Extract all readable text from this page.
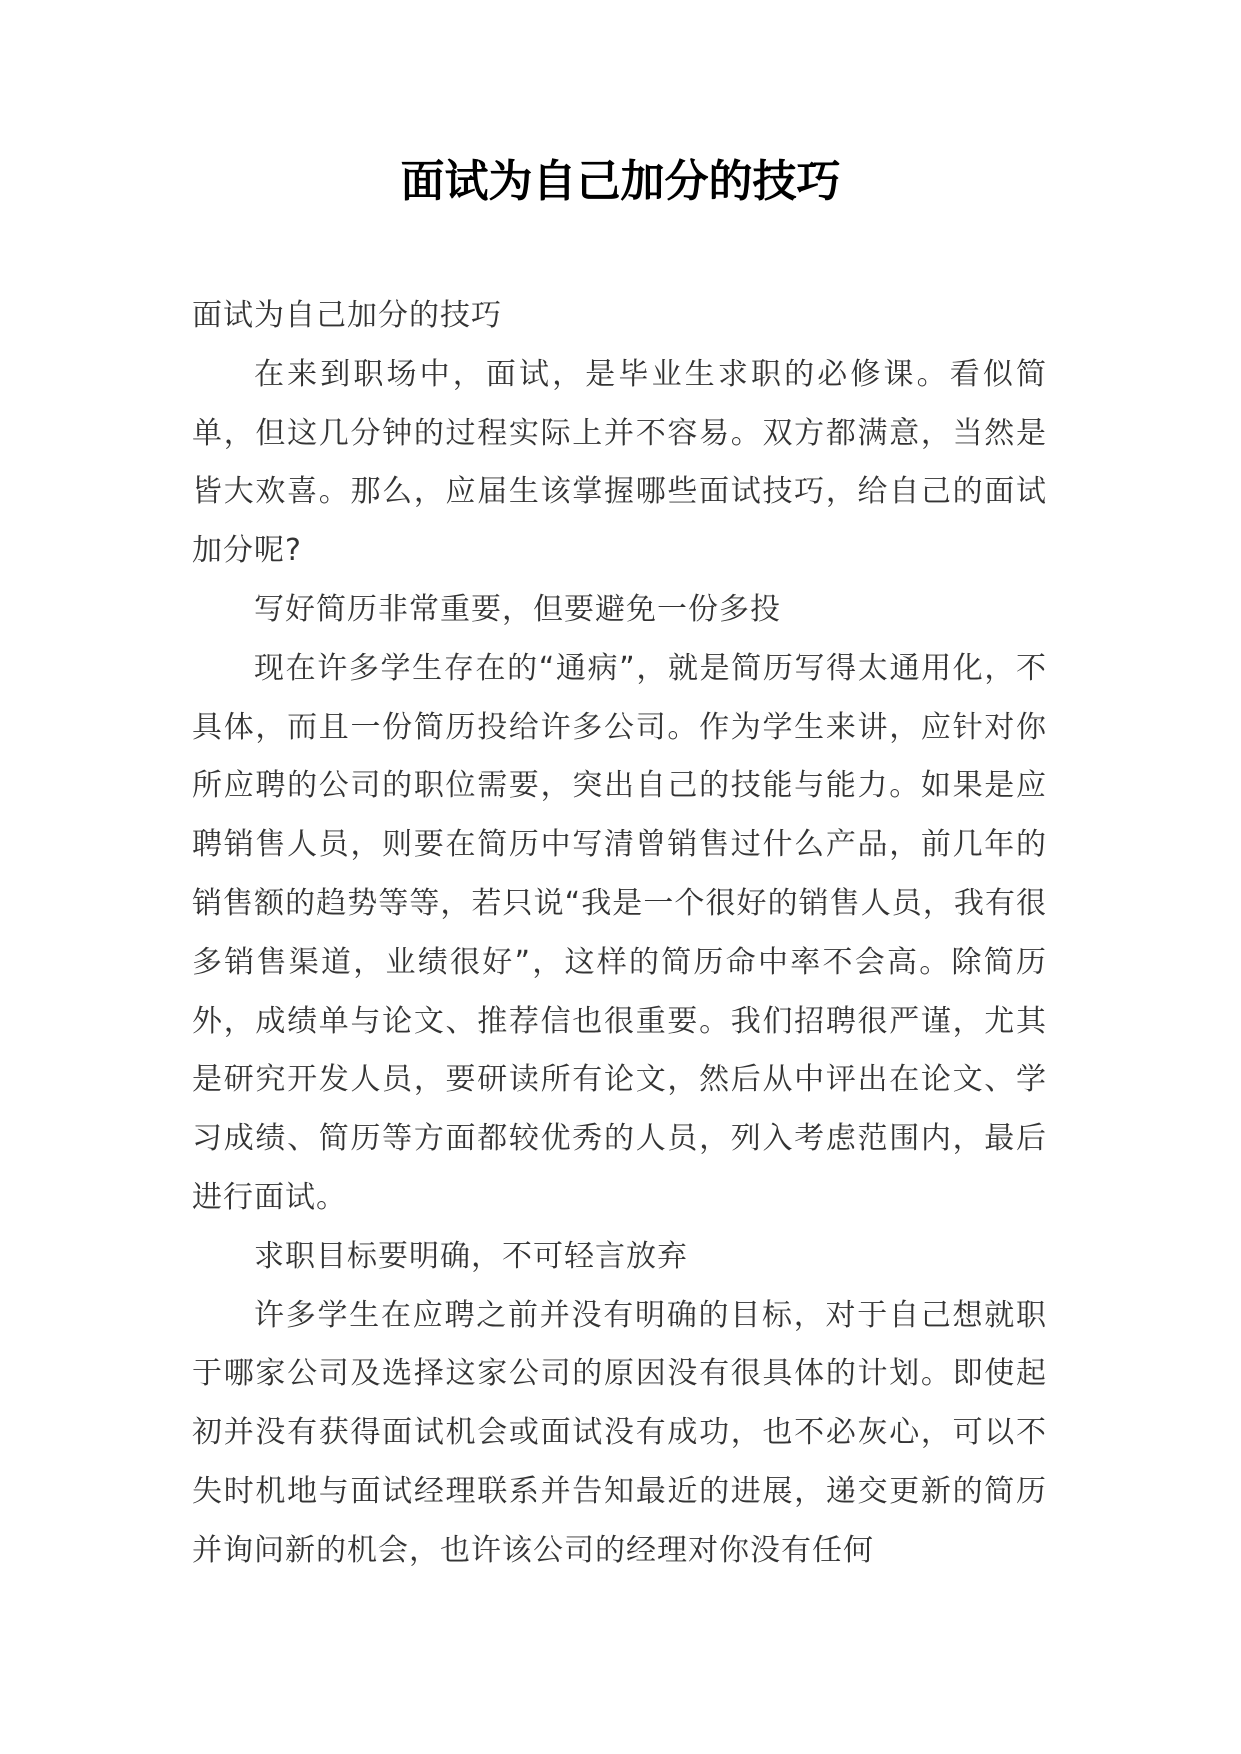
面试为自己加分的技巧

面试为自己加分的技巧

在来到职场中，面试，是毕业生求职的必修课。看似简单，但这几分钟的过程实际上并不容易。双方都满意，当然是皆大欢喜。那么，应届生该掌握哪些面试技巧，给自己的面试加分呢?

写好简历非常重要，但要避免一份多投

现在许多学生存在的“通病”，就是简历写得太通用化，不具体，而且一份简历投给许多公司。作为学生来讲，应针对你所应聘的公司的职位需要，突出自己的技能与能力。如果是应聘销售人员，则要在简历中写清曾销售过什么产品，前几年的销售额的趋势等等，若只说“我是一个很好的销售人员，我有很多销售渠道，业绩很好”，这样的简历命中率不会高。除简历外，成绩单与论文、推荐信也很重要。我们招聘很严谨，尤其是研究开发人员，要研读所有论文，然后从中评出在论文、学习成绩、简历等方面都较优秀的人员，列入考虑范围内，最后进行面试。

求职目标要明确，不可轻言放弃

许多学生在应聘之前并没有明确的目标，对于自己想就职于哪家公司及选择这家公司的原因没有很具体的计划。即使起初并没有获得面试机会或面试没有成功，也不必灰心，可以不失时机地与面试经理联系并告知最近的进展，递交更新的简历并询问新的机会，也许该公司的经理对你没有任何
